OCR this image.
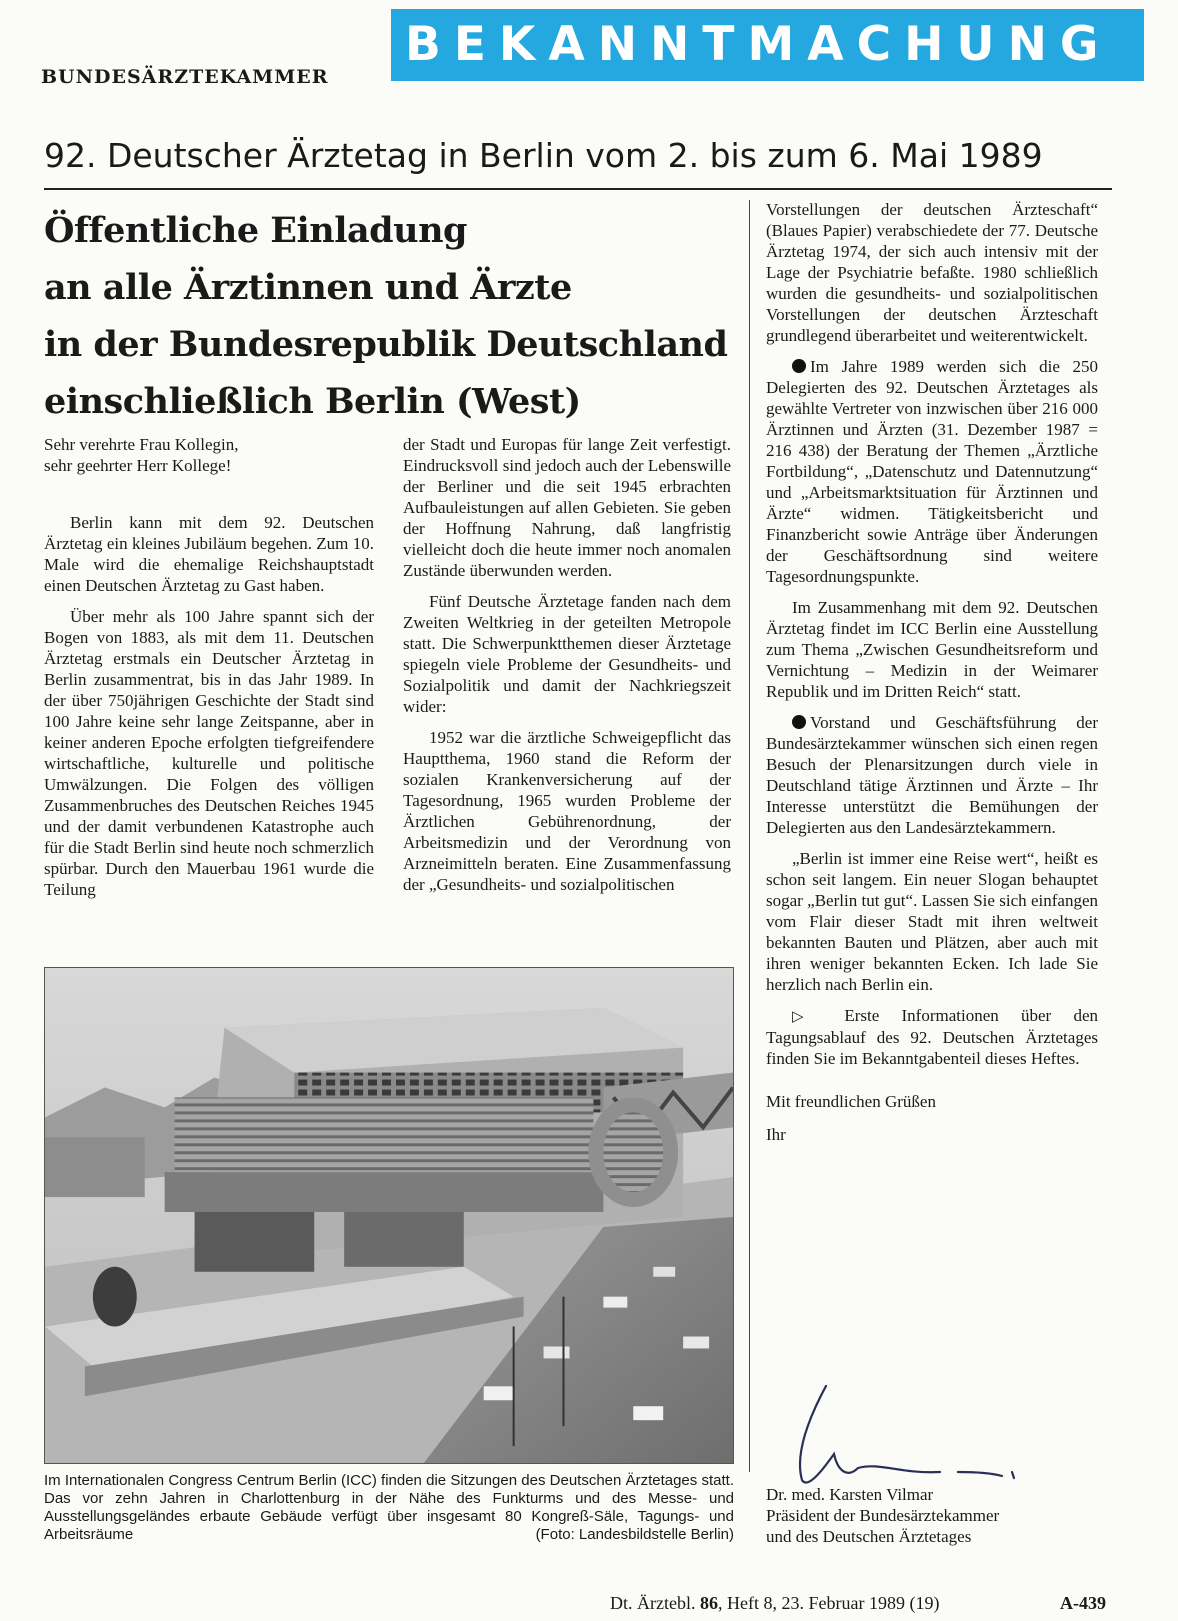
BUNDESÄRZTEKAMMER
BEKANNTMACHUNG
92. Deutscher Ärztetag in Berlin vom 2. bis zum 6. Mai 1989
Öffentliche Einladung
an alle Ärztinnen und Ärzte
in der Bundesrepublik Deutschland
einschließlich Berlin (West)

Sehr verehrte Frau Kollegin,
sehr geehrter Herr Kollege!

Berlin kann mit dem 92. Deutschen Ärztetag ein kleines Jubiläum begehen. Zum 10. Male wird die ehemalige Reichshauptstadt einen Deutschen Ärztetag zu Gast haben.

Über mehr als 100 Jahre spannt sich der Bogen von 1883, als mit dem 11. Deutschen Ärztetag erstmals ein Deutscher Ärztetag in Berlin zusammentrat, bis in das Jahr 1989. In der über 750jährigen Geschichte der Stadt sind 100 Jahre keine sehr lange Zeitspanne, aber in keiner anderen Epoche erfolgten tiefgreifendere wirtschaftliche, kulturelle und politische Umwälzungen. Die Folgen des völligen Zusammenbruches des Deutschen Reiches 1945 und der damit verbundenen Katastrophe auch für die Stadt Berlin sind heute noch schmerzlich spürbar. Durch den Mauerbau 1961 wurde die Teilung

der Stadt und Europas für lange Zeit verfestigt. Eindrucksvoll sind jedoch auch der Lebenswille der Berliner und die seit 1945 erbrachten Aufbauleistungen auf allen Gebieten. Sie geben der Hoffnung Nahrung, daß langfristig vielleicht doch die heute immer noch anomalen Zustände überwunden werden.

Fünf Deutsche Ärztetage fanden nach dem Zweiten Weltkrieg in der geteilten Metropole statt. Die Schwerpunktthemen dieser Ärztetage spiegeln viele Probleme der Gesundheits- und Sozialpolitik und damit der Nachkriegszeit wider:

1952 war die ärztliche Schweigepflicht das Hauptthema, 1960 stand die Reform der sozialen Krankenversicherung auf der Tagesordnung, 1965 wurden Probleme der Ärztlichen Gebührenordnung, der Arbeitsmedizin und der Verordnung von Arzneimitteln beraten. Eine Zusammenfassung der „Gesundheits- und sozialpolitischen

Vorstellungen der deutschen Ärzteschaft“ (Blaues Papier) verabschiedete der 77. Deutsche Ärztetag 1974, der sich auch intensiv mit der Lage der Psychiatrie befaßte. 1980 schließlich wurden die gesundheits- und sozialpolitischen Vorstellungen der deutschen Ärzteschaft grundlegend überarbeitet und weiterentwickelt.

Im Jahre 1989 werden sich die 250 Delegierten des 92. Deutschen Ärztetages als gewählte Vertreter von inzwischen über 216 000 Ärztinnen und Ärzten (31. Dezember 1987 = 216 438) der Beratung der Themen „Ärztliche Fortbildung“, „Datenschutz und Datennutzung“ und „Arbeitsmarktsituation für Ärztinnen und Ärzte“ widmen. Tätigkeitsbericht und Finanzbericht sowie Anträge über Änderungen der Geschäftsordnung sind weitere Tagesordnungspunkte.

Im Zusammenhang mit dem 92. Deutschen Ärztetag findet im ICC Berlin eine Ausstellung zum Thema „Zwischen Gesundheitsreform und Vernichtung – Medizin in der Weimarer Republik und im Dritten Reich“ statt.

Vorstand und Geschäftsführung der Bundesärztekammer wünschen sich einen regen Besuch der Plenarsitzungen durch viele in Deutschland tätige Ärztinnen und Ärzte – Ihr Interesse unterstützt die Bemühungen der Delegierten aus den Landesärztekammern.

„Berlin ist immer eine Reise wert“, heißt es schon seit langem. Ein neuer Slogan behauptet sogar „Berlin tut gut“. Lassen Sie sich einfangen vom Flair dieser Stadt mit ihren weltweit bekannten Bauten und Plätzen, aber auch mit ihren weniger bekannten Ecken. Ich lade Sie herzlich nach Berlin ein.

▷ Erste Informationen über den Tagungsablauf des 92. Deutschen Ärztetages finden Sie im Bekanntgabenteil dieses Heftes.

Mit freundlichen Grüßen

Ihr

Dr. med. Karsten Vilmar
Präsident der Bundesärztekammer
und des Deutschen Ärztetages
Im Internationalen Congress Centrum Berlin (ICC) finden die Sitzungen des Deutschen Ärztetages statt. Das vor zehn Jahren in Charlottenburg in der Nähe des Funkturms und des Messe- und Ausstellungsgeländes erbaute Gebäude verfügt über insgesamt 80 Kongreß-Säle, Tagungs- und Arbeitsräume	(Foto: Landesbildstelle Berlin)
Dt. Ärztebl. 86, Heft 8, 23. Februar 1989 (19)	A-439
